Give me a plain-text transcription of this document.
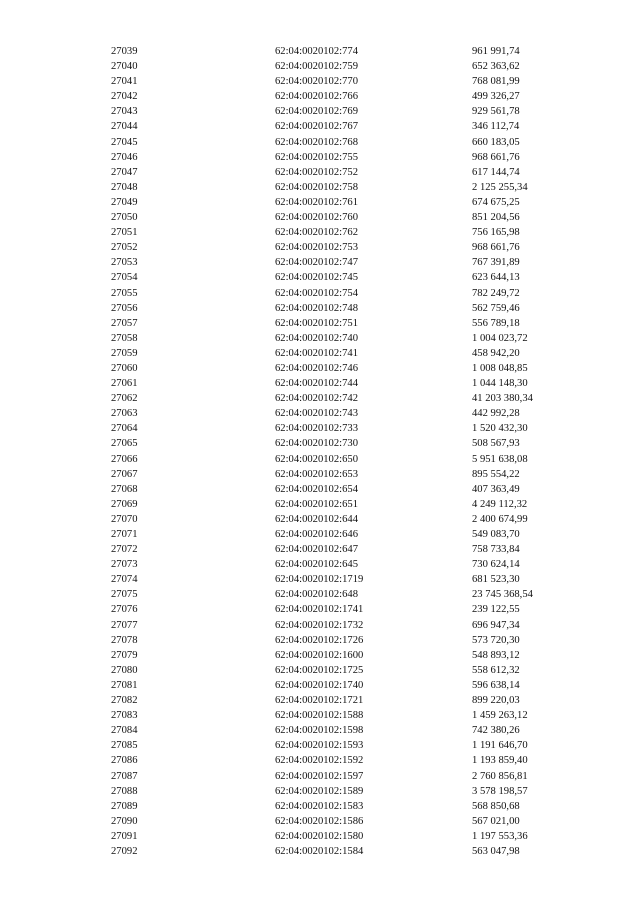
27039	62:04:0020102:774	961 991,74
27040	62:04:0020102:759	652 363,62
27041	62:04:0020102:770	768 081,99
27042	62:04:0020102:766	499 326,27
27043	62:04:0020102:769	929 561,78
27044	62:04:0020102:767	346 112,74
27045	62:04:0020102:768	660 183,05
27046	62:04:0020102:755	968 661,76
27047	62:04:0020102:752	617 144,74
27048	62:04:0020102:758	2 125 255,34
27049	62:04:0020102:761	674 675,25
27050	62:04:0020102:760	851 204,56
27051	62:04:0020102:762	756 165,98
27052	62:04:0020102:753	968 661,76
27053	62:04:0020102:747	767 391,89
27054	62:04:0020102:745	623 644,13
27055	62:04:0020102:754	782 249,72
27056	62:04:0020102:748	562 759,46
27057	62:04:0020102:751	556 789,18
27058	62:04:0020102:740	1 004 023,72
27059	62:04:0020102:741	458 942,20
27060	62:04:0020102:746	1 008 048,85
27061	62:04:0020102:744	1 044 148,30
27062	62:04:0020102:742	41 203 380,34
27063	62:04:0020102:743	442 992,28
27064	62:04:0020102:733	1 520 432,30
27065	62:04:0020102:730	508 567,93
27066	62:04:0020102:650	5 951 638,08
27067	62:04:0020102:653	895 554,22
27068	62:04:0020102:654	407 363,49
27069	62:04:0020102:651	4 249 112,32
27070	62:04:0020102:644	2 400 674,99
27071	62:04:0020102:646	549 083,70
27072	62:04:0020102:647	758 733,84
27073	62:04:0020102:645	730 624,14
27074	62:04:0020102:1719	681 523,30
27075	62:04:0020102:648	23 745 368,54
27076	62:04:0020102:1741	239 122,55
27077	62:04:0020102:1732	696 947,34
27078	62:04:0020102:1726	573 720,30
27079	62:04:0020102:1600	548 893,12
27080	62:04:0020102:1725	558 612,32
27081	62:04:0020102:1740	596 638,14
27082	62:04:0020102:1721	899 220,03
27083	62:04:0020102:1588	1 459 263,12
27084	62:04:0020102:1598	742 380,26
27085	62:04:0020102:1593	1 191 646,70
27086	62:04:0020102:1592	1 193 859,40
27087	62:04:0020102:1597	2 760 856,81
27088	62:04:0020102:1589	3 578 198,57
27089	62:04:0020102:1583	568 850,68
27090	62:04:0020102:1586	567 021,00
27091	62:04:0020102:1580	1 197 553,36
27092	62:04:0020102:1584	563 047,98
